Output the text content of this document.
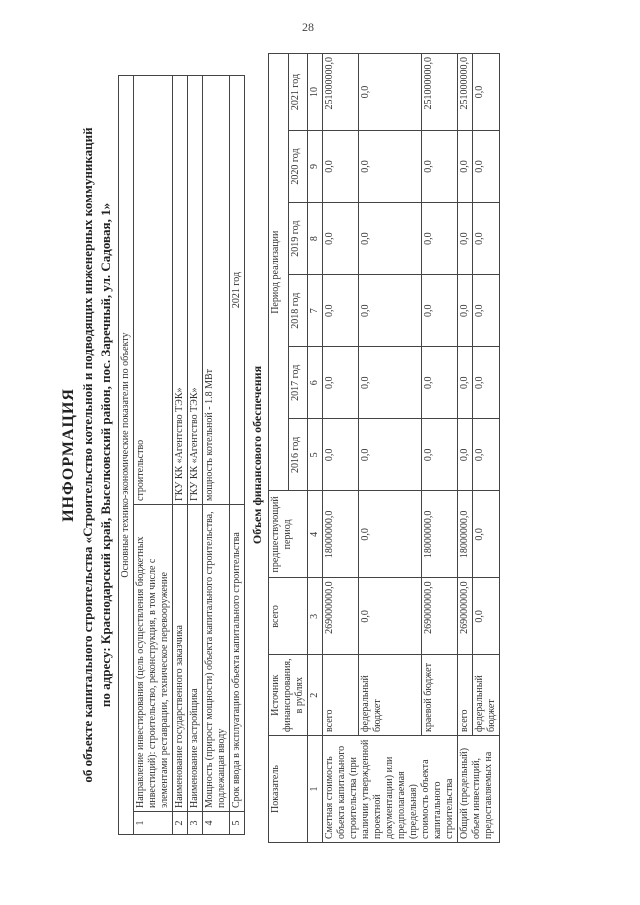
28
ИНФОРМАЦИЯ об объекте капитального строительства «Строительство котельной и подводящих инженерных коммуникаций по адресу: Краснодарский край, Выселковский район, пос. Заречный, ул. Садовая, 1» Основные технико-экономические показатели по объекту		
1	Направление инвестирования (цель осуществления бюджетных инвестиций): строительство, реконструкция, в том числе с элементами реставрации, техническое перевооружение	строительство
2	Наименование государственного заказчика	ГКУ КК «Агентство ТЭК»
3	Наименование застройщика	ГКУ КК «Агентство ТЭК»
4	Мощность (прирост мощности) объекта капитального строительства, подлежащая вводу	мощность котельной - 1.8 МВт
5	Срок ввода в эксплуатацию объекта капитального строительства	2021 год
Объем финансового обеспечения
Показатель	Источник финансирования, в рублях	всего	предшествующий период	Период реализации					
				2016 год	2017 год	2018 год	2019 год	2020 год	2021 год
1	2	3	4	5	6	7	8	9	10
Сметная стоимость объекта капитального строительства (при наличии утвержденной проектной документации) или предполагаемая (предельная) стоимость объекта капитального строительства	всего	269000000,0	18000000,0	0,0	0,0	0,0	0,0	0,0	251000000,0
	федеральный бюджет	0,0	0,0	0,0	0,0	0,0	0,0	0,0	0,0
	краевой бюджет	269000000,0	18000000,0	0,0	0,0	0,0	0,0	0,0	251000000,0
Общий (предельный) объем инвестиций, предоставляемых на	всего	269000000,0	18000000,0	0,0	0,0	0,0	0,0	0,0	251000000,0
	федеральный бюджет	0,0	0,0	0,0	0,0	0,0	0,0	0,0	0,0
